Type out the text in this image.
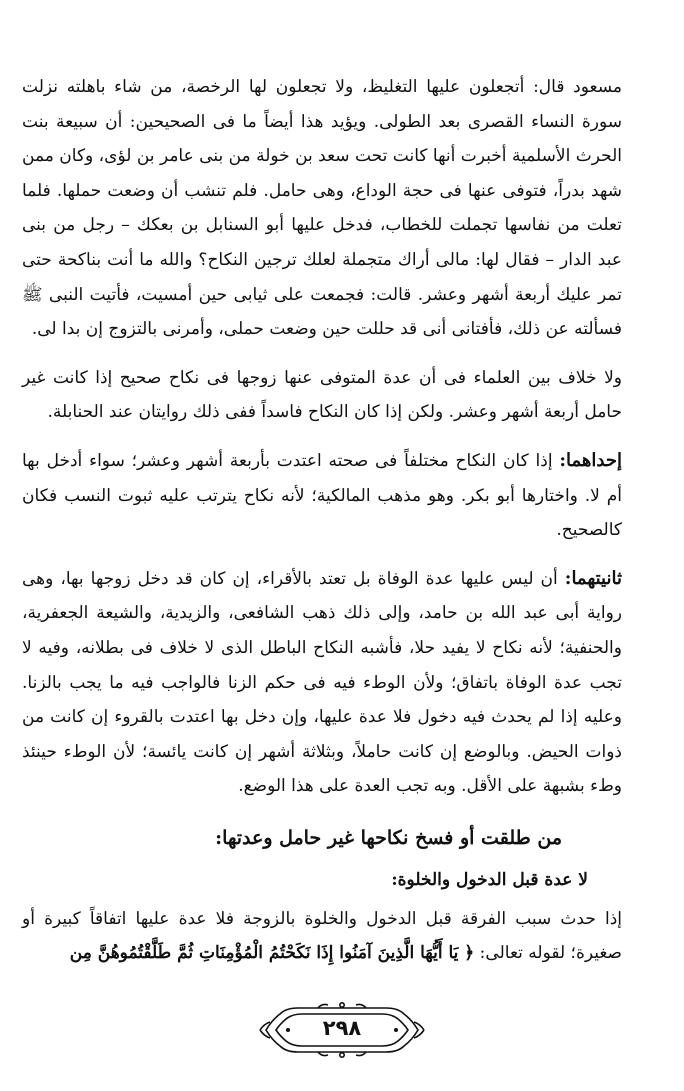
مسعود قال: أتجعلون عليها التغليظ، ولا تجعلون لها الرخصة، من شاء باهلته نزلت سورة النساء القصرى بعد الطولى. ويؤيد هذا أيضاً ما فى الصحيحين: أن سبيعة بنت الحرث الأسلمية أخبرت أنها كانت تحت سعد بن خولة من بنى عامر بن لؤى، وكان ممن شهد بدراً، فتوفى عنها فى حجة الوداع، وهى حامل. فلم تنشب أن وضعت حملها. فلما تعلت من نفاسها تجملت للخطاب، فدخل عليها أبو السنابل بن بعكك – رجل من بنى عبد الدار – فقال لها: مالى أراك متجملة لعلك ترجين النكاح؟ والله ما أنت بناكحة حتى تمر عليك أربعة أشهر وعشر. قالت: فجمعت على ثيابى حين أمسيت، فأتيت النبى ﷺ فسألته عن ذلك، فأفتانى أنى قد حللت حين وضعت حملى، وأمرنى بالتزوج إن بدا لى.

ولا خلاف بين العلماء فى أن عدة المتوفى عنها زوجها فى نكاح صحيح إذا كانت غير حامل أربعة أشهر وعشر. ولكن إذا كان النكاح فاسداً ففى ذلك روايتان عند الحنابلة.

إحداهما: إذا كان النكاح مختلفاً فى صحته اعتدت بأربعة أشهر وعشر؛ سواء أدخل بها أم لا. واختارها أبو بكر. وهو مذهب المالكية؛ لأنه نكاح يترتب عليه ثبوت النسب فكان كالصحيح.

ثانيتهما: أن ليس عليها عدة الوفاة بل تعتد بالأقراء، إن كان قد دخل زوجها بها، وهى رواية أبى عبد الله بن حامد، وإلى ذلك ذهب الشافعى، والزيدية، والشيعة الجعفرية، والحنفية؛ لأنه نكاح لا يفيد حلا، فأشبه النكاح الباطل الذى لا خلاف فى بطلانه، وفيه لا تجب عدة الوفاة باتفاق؛ ولأن الوطء فيه فى حكم الزنا فالواجب فيه ما يجب بالزنا. وعليه إذا لم يحدث فيه دخول فلا عدة عليها، وإن دخل بها اعتدت بالقروء إن كانت من ذوات الحيض. وبالوضع إن كانت حاملاً، وبثلاثة أشهر إن كانت يائسة؛ لأن الوطء حينئذ وطء بشبهة على الأقل. وبه تجب العدة على هذا الوضع.

من طلقت أو فسخ نكاحها غير حامل وعدتها:
لا عدة قبل الدخول والخلوة:

إذا حدث سبب الفرقة قبل الدخول والخلوة بالزوجة فلا عدة عليها اتفاقاً كبيرة أو صغيرة؛ لقوله تعالى: ﴿ يَا أَيُّهَا الَّذِينَ آمَنُوا إِذَا نَكَحْتُمُ الْمُؤْمِنَاتِ ثُمَّ طَلَّقْتُمُوهُنَّ مِن

٢٩٨
